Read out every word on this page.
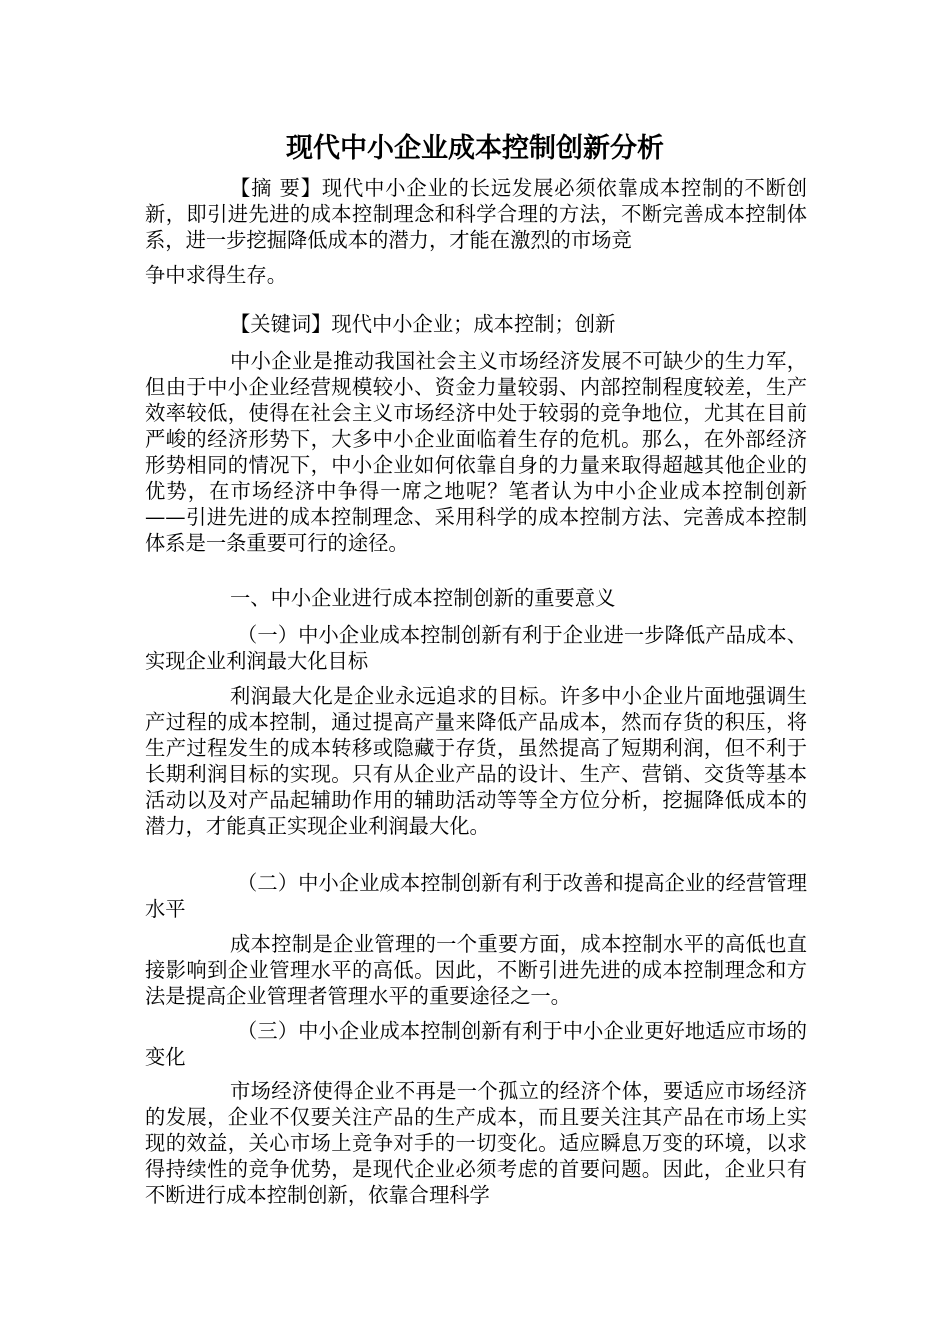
现代中小企业成本控制创新分析

【摘 要】现代中小企业的长远发展必须依靠成本控制的不断创新，即引进先进的成本控制理念和科学合理的方法，不断完善成本控制体系，进一步挖掘降低成本的潜力，才能在激烈的市场竞

争中求得生存。

【关键词】现代中小企业；成本控制；创新

中小企业是推动我国社会主义市场经济发展不可缺少的生力军，但由于中小企业经营规模较小、资金力量较弱、内部控制程度较差，生产效率较低，使得在社会主义市场经济中处于较弱的竞争地位，尤其在目前严峻的经济形势下，大多中小企业面临着生存的危机。那么，在外部经济形势相同的情况下，中小企业如何依靠自身的力量来取得超越其他企业的优势，在市场经济中争得一席之地呢？笔者认为中小企业成本控制创新——引进先进的成本控制理念、采用科学的成本控制方法、完善成本控制体系是一条重要可行的途径。

一、中小企业进行成本控制创新的重要意义

（一）中小企业成本控制创新有利于企业进一步降低产品成本、实现企业利润最大化目标

利润最大化是企业永远追求的目标。许多中小企业片面地强调生产过程的成本控制，通过提高产量来降低产品成本，然而存货的积压，将生产过程发生的成本转移或隐藏于存货，虽然提高了短期利润，但不利于长期利润目标的实现。只有从企业产品的设计、生产、营销、交货等基本活动以及对产品起辅助作用的辅助活动等等全方位分析，挖掘降低成本的潜力，才能真正实现企业利润最大化。

（二）中小企业成本控制创新有利于改善和提高企业的经营管理水平

成本控制是企业管理的一个重要方面，成本控制水平的高低也直接影响到企业管理水平的高低。因此，不断引进先进的成本控制理念和方法是提高企业管理者管理水平的重要途径之一。

（三）中小企业成本控制创新有利于中小企业更好地适应市场的变化

市场经济使得企业不再是一个孤立的经济个体，要适应市场经济的发展，企业不仅要关注产品的生产成本，而且要关注其产品在市场上实现的效益，关心市场上竞争对手的一切变化。适应瞬息万变的环境，以求得持续性的竞争优势，是现代企业必须考虑的首要问题。因此，企业只有不断进行成本控制创新，依靠合理科学
